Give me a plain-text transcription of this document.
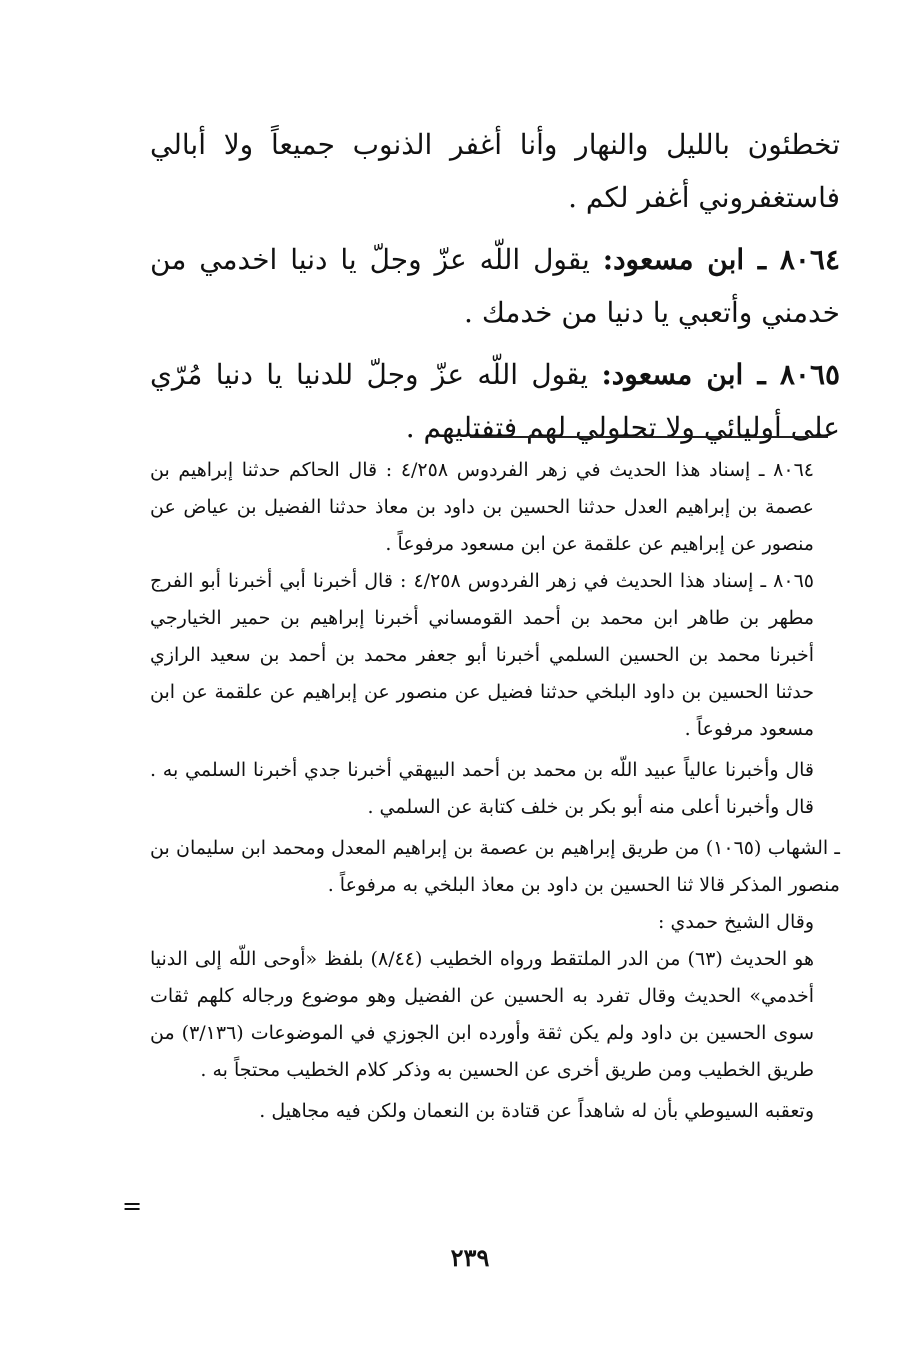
تخطئون بالليل والنهار وأنا أغفر الذنوب جميعاً ولا أبالي فاستغفروني أغفر لكم .

٨٠٦٤ ـ ابن مسعود: يقول اللّه عزّ وجلّ يا دنيا اخدمي من خدمني وأتعبي يا دنيا من خدمك .

٨٠٦٥ ـ ابن مسعود: يقول اللّه عزّ وجلّ للدنيا يا دنيا مُرّي على أوليائي ولا تحلولي لهم فتفتليهم .

٨٠٦٤ ـ إسناد هذا الحديث في زهر الفردوس ٤/٢٥٨ : قال الحاكم حدثنا إبراهيم بن عصمة بن إبراهيم العدل حدثنا الحسين بن داود بن معاذ حدثنا الفضيل بن عياض عن منصور عن إبراهيم عن علقمة عن ابن مسعود مرفوعاً .

٨٠٦٥ ـ إسناد هذا الحديث في زهر الفردوس ٤/٢٥٨ : قال أخبرنا أبي أخبرنا أبو الفرج مطهر بن طاهر ابن محمد بن أحمد القومساني أخبرنا إبراهيم بن حمير الخيارجي أخبرنا محمد بن الحسين السلمي أخبرنا أبو جعفر محمد بن أحمد بن سعيد الرازي حدثنا الحسين بن داود البلخي حدثنا فضيل عن منصور عن إبراهيم عن علقمة عن ابن مسعود مرفوعاً .

قال وأخبرنا عالياً عبيد اللّه بن محمد بن أحمد البيهقي أخبرنا جدي أخبرنا السلمي به . قال وأخبرنا أعلى منه أبو بكر بن خلف كتابة عن السلمي .

ـ الشهاب (١٠٦٥) من طريق إبراهيم بن عصمة بن إبراهيم المعدل ومحمد ابن سليمان بن منصور المذكر قالا ثنا الحسين بن داود بن معاذ البلخي به مرفوعاً .

وقال الشيخ حمدي :

هو الحديث (٦٣) من الدر الملتقط ورواه الخطيب (٨/٤٤) بلفظ «أوحى اللّه إلى الدنيا أخدمي» الحديث وقال تفرد به الحسين عن الفضيل وهو موضوع ورجاله كلهم ثقات سوى الحسين بن داود ولم يكن ثقة وأورده ابن الجوزي في الموضوعات (٣/١٣٦) من طريق الخطيب ومن طريق أخرى عن الحسين به وذكر كلام الخطيب محتجاً به .

وتعقبه السيوطي بأن له شاهداً عن قتادة بن النعمان ولكن فيه مجاهيل .

=
٢٣٩
